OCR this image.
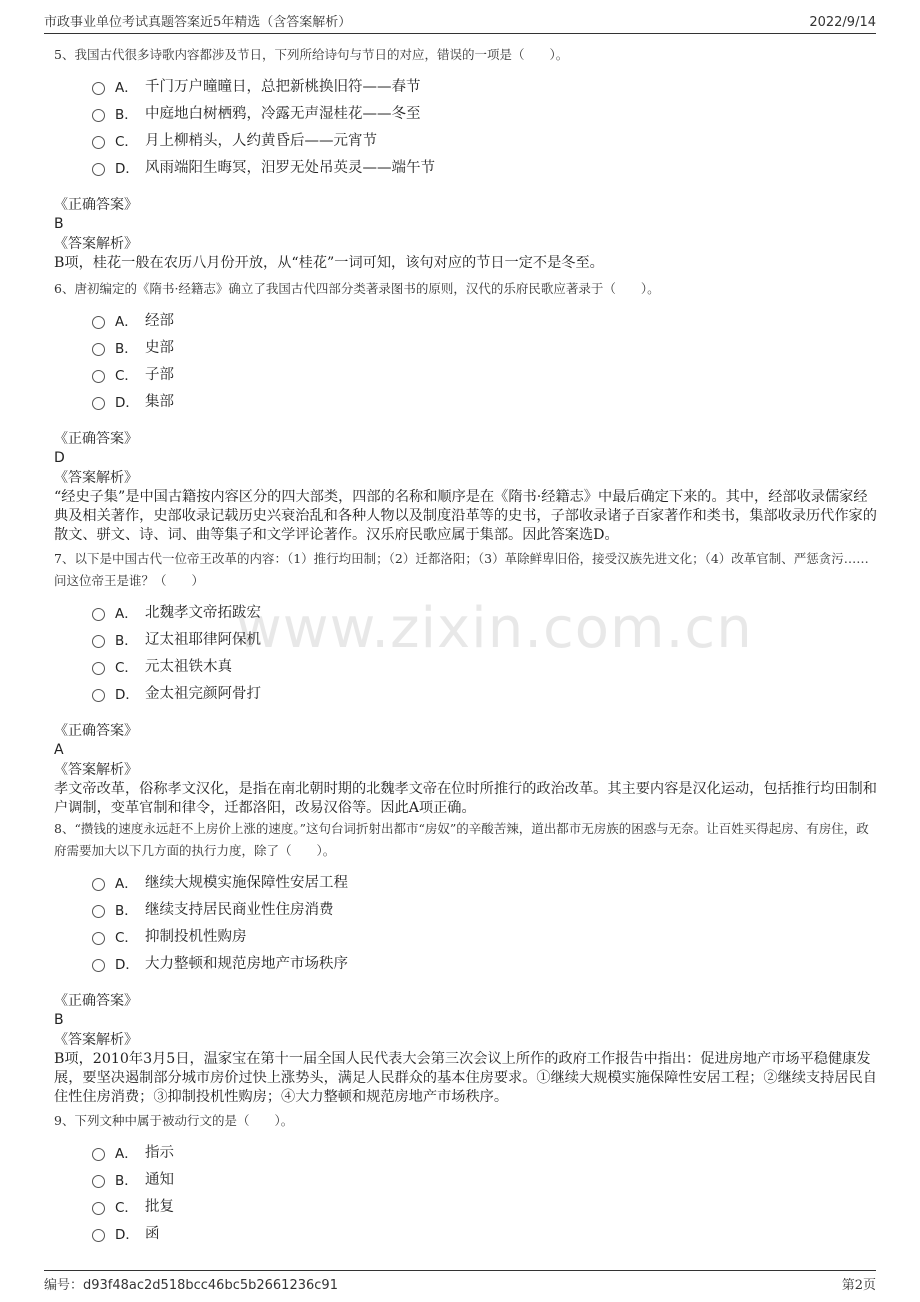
市政事业单位考试真题答案近5年精选（含答案解析）	2022/9/14
www.zixin.com.cn

5、我国古代很多诗歌内容都涉及节日，下列所给诗句与节日的对应，错误的一项是（　　）。

A． 千门万户曈曈日，总把新桃换旧符——春节
B． 中庭地白树栖鸦，冷露无声湿桂花——冬至
C． 月上柳梢头，人约黄昏后——元宵节
D． 风雨端阳生晦冥，汨罗无处吊英灵——端午节

《正确答案》

B

《答案解析》

B项，桂花一般在农历八月份开放，从“桂花”一词可知，该句对应的节日一定不是冬至。

6、唐初编定的《隋书·经籍志》确立了我国古代四部分类著录图书的原则，汉代的乐府民歌应著录于（　　）。

A． 经部
B． 史部
C． 子部
D． 集部

《正确答案》

D

《答案解析》

“经史子集”是中国古籍按内容区分的四大部类，四部的名称和顺序是在《隋书·经籍志》中最后确定下来的。其中，经部收录儒家经典及相关著作，史部收录记载历史兴衰治乱和各种人物以及制度沿革等的史书，子部收录诸子百家著作和类书，集部收录历代作家的散文、骈文、诗、词、曲等集子和文学评论著作。汉乐府民歌应属于集部。因此答案选D。

7、以下是中国古代一位帝王改革的内容：（1）推行均田制；（2）迁都洛阳；（3）革除鲜卑旧俗，接受汉族先进文化；（4）改革官制、严惩贪污……问这位帝王是谁？（　　）

A． 北魏孝文帝拓跋宏
B． 辽太祖耶律阿保机
C． 元太祖铁木真
D． 金太祖完颜阿骨打

《正确答案》

A

《答案解析》

孝文帝改革，俗称孝文汉化，是指在南北朝时期的北魏孝文帝在位时所推行的政治改革。其主要内容是汉化运动，包括推行均田制和户调制，变革官制和律令，迁都洛阳，改易汉俗等。因此A项正确。

8、“攒钱的速度永远赶不上房价上涨的速度。”这句台词折射出都市“房奴”的辛酸苦辣，道出都市无房族的困惑与无奈。让百姓买得起房、有房住，政府需要加大以下几方面的执行力度，除了（　　）。

A． 继续大规模实施保障性安居工程
B． 继续支持居民商业性住房消费
C． 抑制投机性购房
D． 大力整顿和规范房地产市场秩序

《正确答案》

B

《答案解析》

B项，2010年3月5日，温家宝在第十一届全国人民代表大会第三次会议上所作的政府工作报告中指出：促进房地产市场平稳健康发展，要坚决遏制部分城市房价过快上涨势头，满足人民群众的基本住房要求。①继续大规模实施保障性安居工程；②继续支持居民自住性住房消费；③抑制投机性购房；④大力整顿和规范房地产市场秩序。

9、下列文种中属于被动行文的是（　　）。

A． 指示
B． 通知
C． 批复
D． 函
编号：d93f48ac2d518bcc46bc5b2661236c91	第2页
